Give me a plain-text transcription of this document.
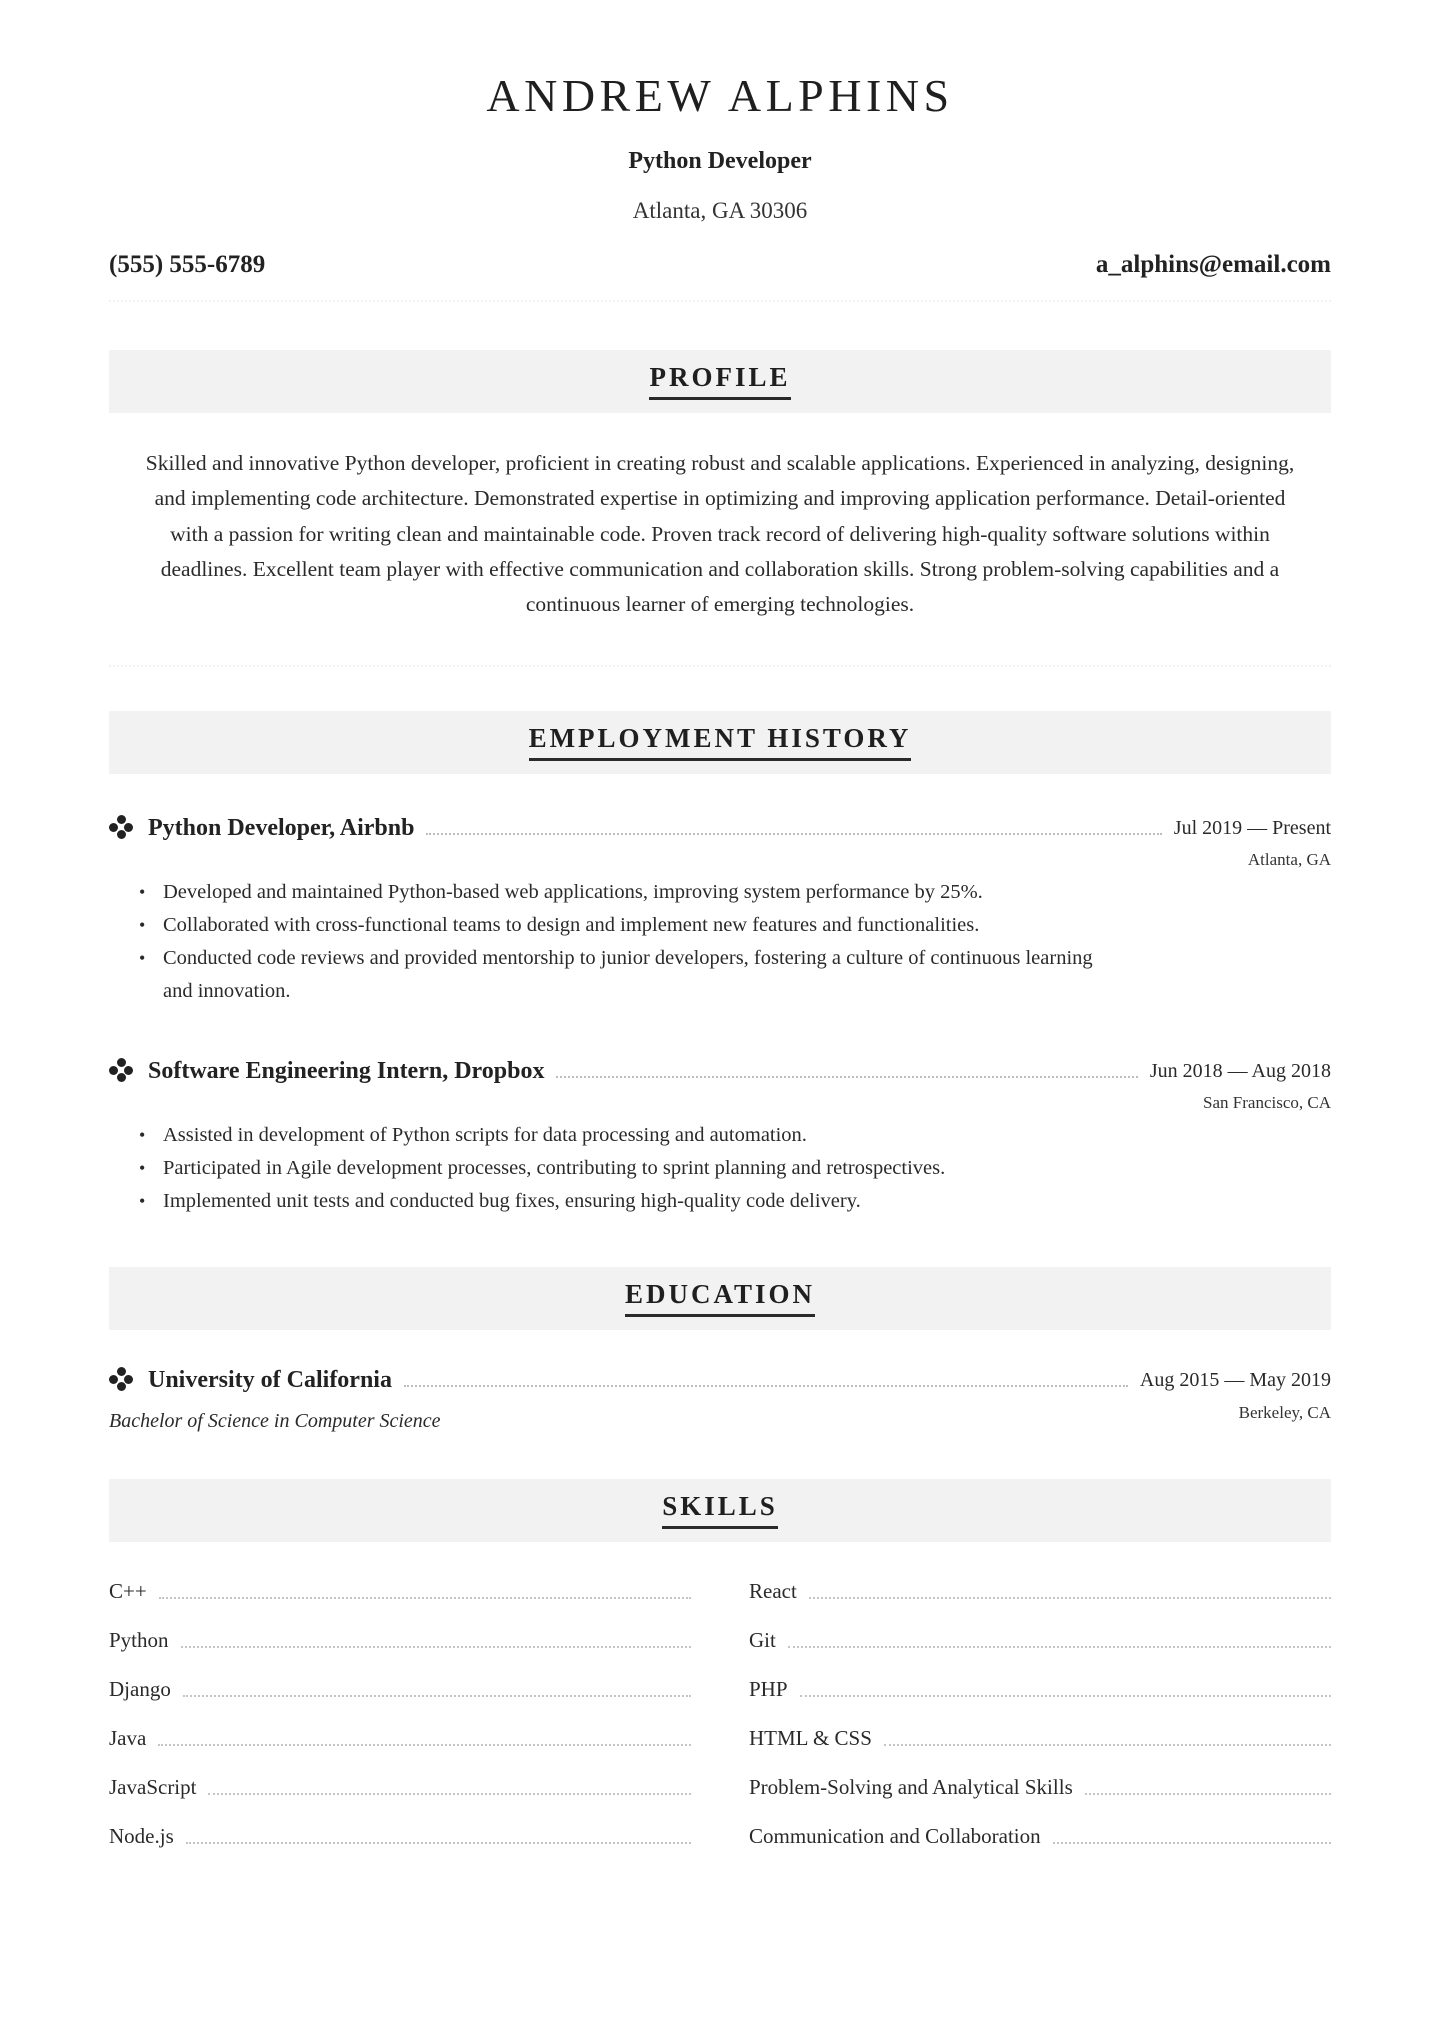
ANDREW ALPHINS
Python Developer
Atlanta, GA 30306
(555) 555-6789	a_alphins@email.com
PROFILE
Skilled and innovative Python developer, proficient in creating robust and scalable applications. Experienced in analyzing, designing, and implementing code architecture. Demonstrated expertise in optimizing and improving application performance. Detail-oriented with a passion for writing clean and maintainable code. Proven track record of delivering high-quality software solutions within deadlines. Excellent team player with effective communication and collaboration skills. Strong problem-solving capabilities and a continuous learner of emerging technologies.
EMPLOYMENT HISTORY
Python Developer, Airbnb	Jul 2019 — Present
Atlanta, GA
• Developed and maintained Python-based web applications, improving system performance by 25%.
• Collaborated with cross-functional teams to design and implement new features and functionalities.
• Conducted code reviews and provided mentorship to junior developers, fostering a culture of continuous learning and innovation.
Software Engineering Intern, Dropbox	Jun 2018 — Aug 2018
San Francisco, CA
• Assisted in development of Python scripts for data processing and automation.
• Participated in Agile development processes, contributing to sprint planning and retrospectives.
• Implemented unit tests and conducted bug fixes, ensuring high-quality code delivery.
EDUCATION
University of California	Aug 2015 — May 2019
Berkeley, CA
Bachelor of Science in Computer Science
SKILLS
C++
Python
Django
Java
JavaScript
Node.js
React
Git
PHP
HTML & CSS
Problem-Solving and Analytical Skills
Communication and Collaboration
